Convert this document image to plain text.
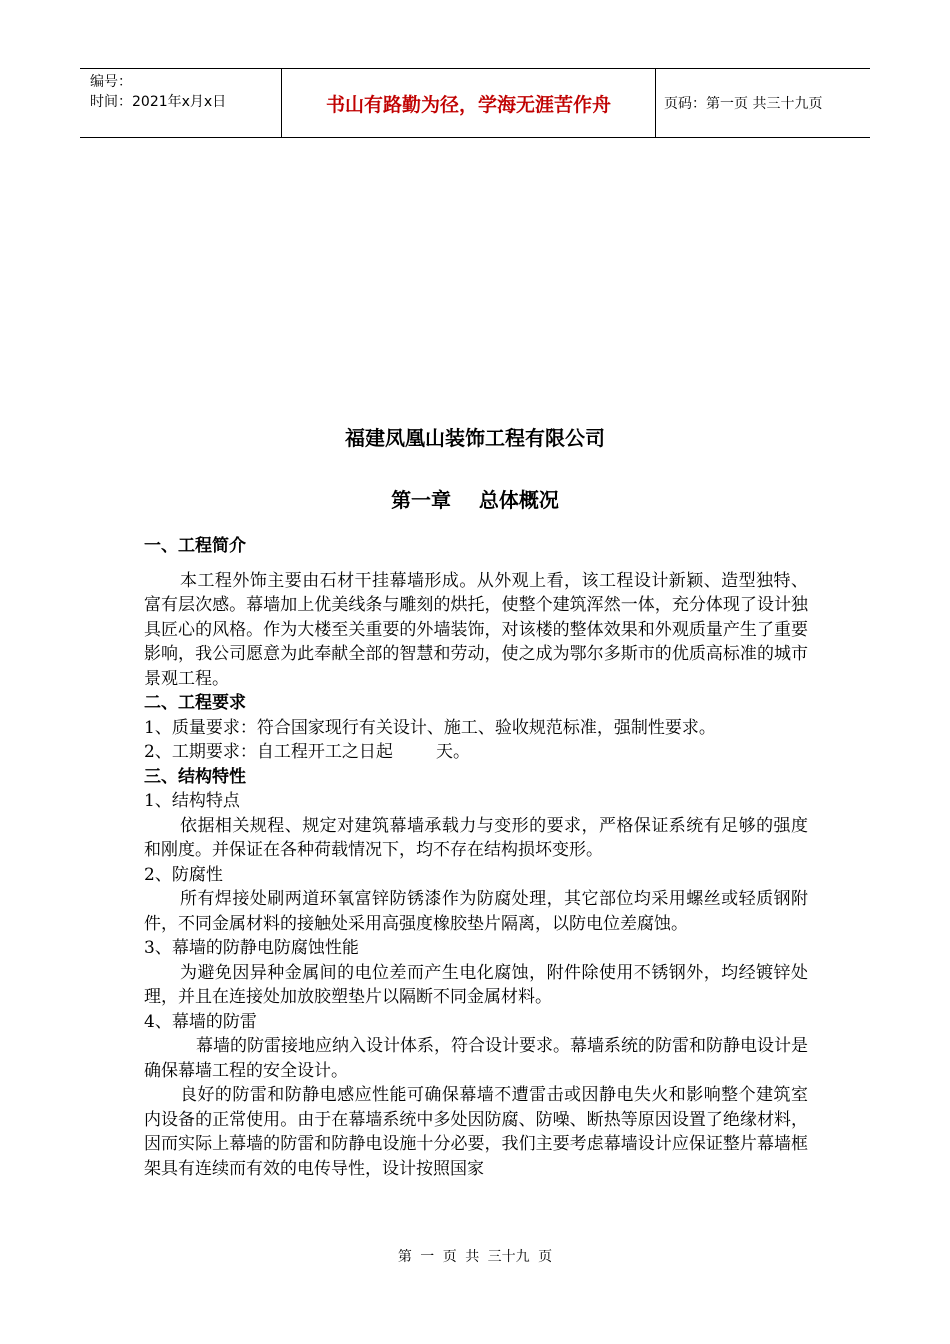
编号：
时间：2021年x月x日	书山有路勤为径，学海无涯苦作舟	页码：第一页 共三十九页
福建凤凰山装饰工程有限公司
第一章    总体概况

一、工程简介

本工程外饰主要由石材干挂幕墙形成。从外观上看，该工程设计新颖、造型独特、富有层次感。幕墙加上优美线条与雕刻的烘托，使整个建筑浑然一体，充分体现了设计独具匠心的风格。作为大楼至关重要的外墙装饰，对该楼的整体效果和外观质量产生了重要影响，我公司愿意为此奉献全部的智慧和劳动，使之成为鄂尔多斯市的优质高标准的城市景观工程。

二、工程要求

1、质量要求：符合国家现行有关设计、施工、验收规范标准，强制性要求。

2、工期要求：自工程开工之日起        天。

三、结构特性

1、结构特点

依据相关规程、规定对建筑幕墙承载力与变形的要求，严格保证系统有足够的强度和刚度。并保证在各种荷载情况下，均不存在结构损坏变形。

2、防腐性

所有焊接处刷两道环氧富锌防锈漆作为防腐处理，其它部位均采用螺丝或轻质钢附件，不同金属材料的接触处采用高强度橡胶垫片隔离，以防电位差腐蚀。

3、幕墙的防静电防腐蚀性能

为避免因异种金属间的电位差而产生电化腐蚀，附件除使用不锈钢外，均经镀锌处理，并且在连接处加放胶塑垫片以隔断不同金属材料。

4、幕墙的防雷

幕墙的防雷接地应纳入设计体系，符合设计要求。幕墙系统的防雷和防静电设计是确保幕墙工程的安全设计。

良好的防雷和防静电感应性能可确保幕墙不遭雷击或因静电失火和影响整个建筑室内设备的正常使用。由于在幕墙系统中多处因防腐、防噪、断热等原因设置了绝缘材料，因而实际上幕墙的防雷和防静电设施十分必要，我们主要考虑幕墙设计应保证整片幕墙框架具有连续而有效的电传导性，设计按照国家

第 一 页 共 三十九 页
